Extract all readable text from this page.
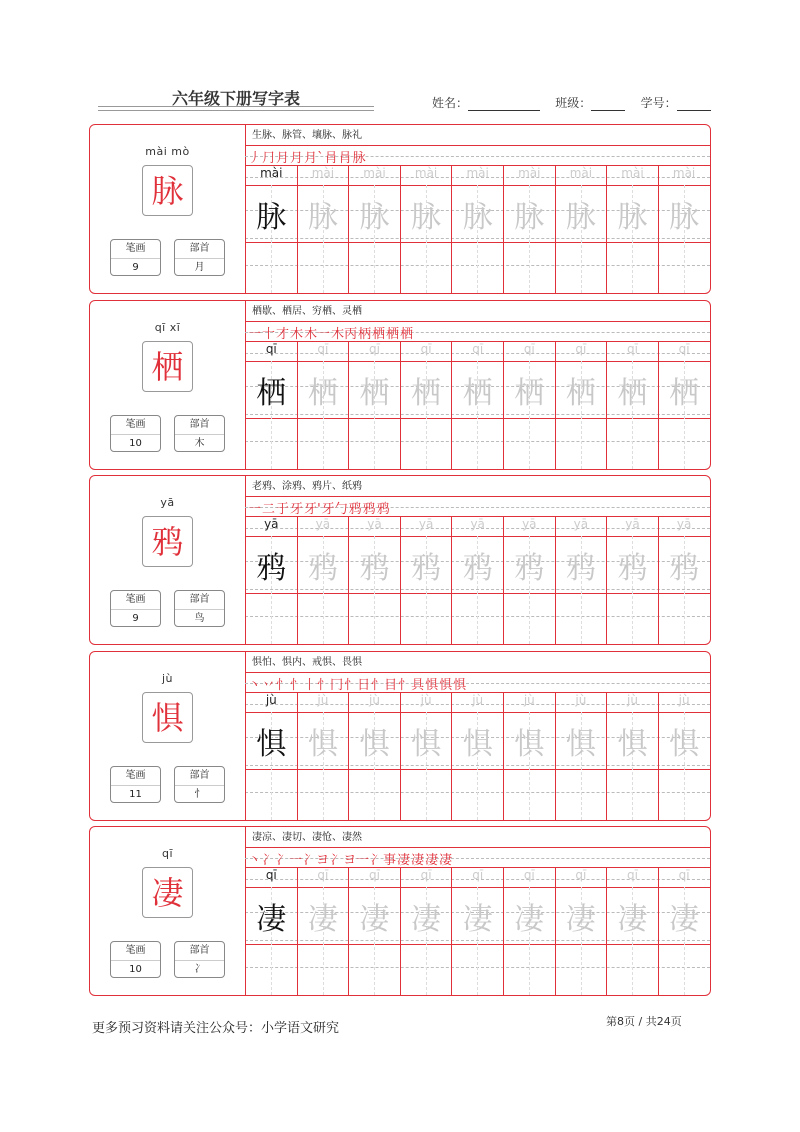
六年级下册写字表	姓名：	班级：	学号：
mài mò
脉
笔画
9
部首
月
生脉、脉管、壤脉、脉礼
丿⺆月月月`肙肙脉
mài
脉
mài
脉
mài
脉
mài
脉
mài
脉
mài
脉
mài
脉
mài
脉
mài
脉
qī xī
栖
笔画
10
部首
木
栖歇、栖居、穷栖、灵栖
一十才木木一木丙柄栖栖栖
qī
栖
qī
栖
qī
栖
qī
栖
qī
栖
qī
栖
qī
栖
qī
栖
qī
栖
yā
鸦
笔画
9
部首
鸟
老鸦、涂鸦、鸦片、纸鸦
一二于牙牙'牙勹鸦鸦鸦
yā
鸦
yā
鸦
yā
鸦
yā
鸦
yā
鸦
yā
鸦
yā
鸦
yā
鸦
yā
鸦
jù
惧
笔画
11
部首
忄
惧怕、惧内、戒惧、畏惧
丶丷忄忄丨忄冂忄日忄目忄具惧惧惧
jù
惧
jù
惧
jù
惧
jù
惧
jù
惧
jù
惧
jù
惧
jù
惧
jù
惧
qī
凄
笔画
10
部首
冫
凄凉、凄切、凄怆、凄然
丶冫冫一冫ヨ冫ヨ一冫事凄凄凄凄
qī
凄
qī
凄
qī
凄
qī
凄
qī
凄
qī
凄
qī
凄
qī
凄
qī
凄
更多预习资料请关注公众号：小学语文研究	第8页 / 共24页
